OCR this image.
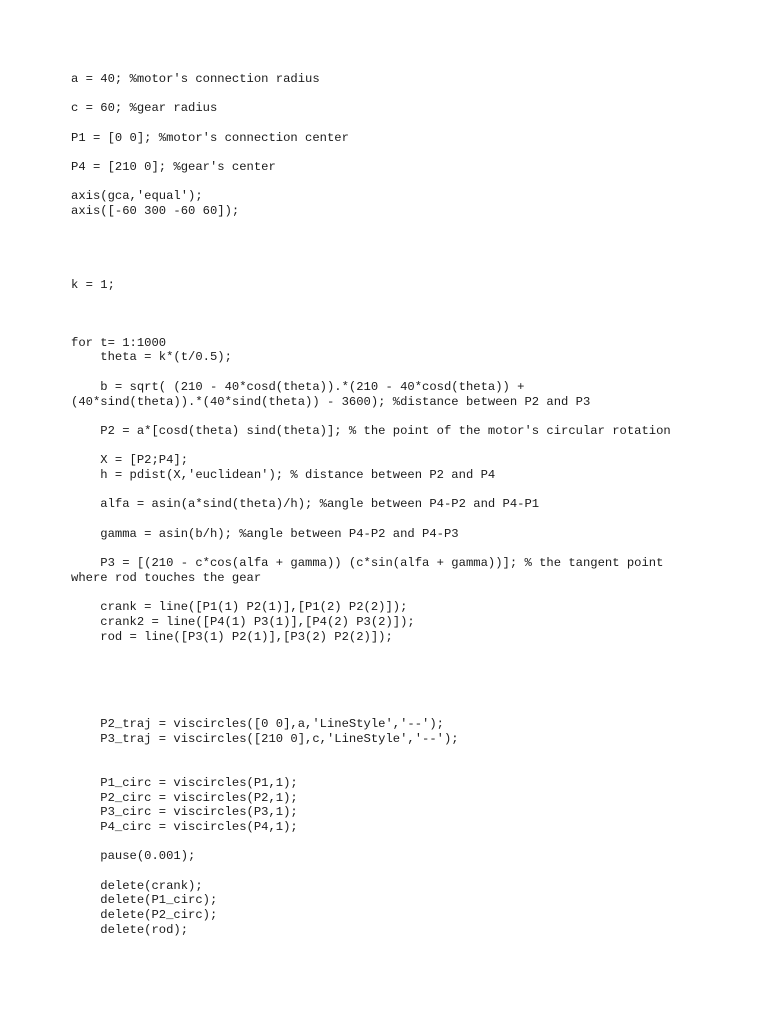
a = 40; %motor's connection radius
c = 60; %gear radius
P1 = [0 0]; %motor's connection center
P4 = [210 0]; %gear's center
axis(gca,'equal');
axis([-60 300 -60 60]);
k = 1;
for t= 1:1000
theta = k*(t/0.5);
b = sqrt( (210 - 40*cosd(theta)).*(210 - 40*cosd(theta)) +
(40*sind(theta)).*(40*sind(theta)) - 3600); %distance between P2 and P3
P2 = a*[cosd(theta) sind(theta)]; % the point of the motor's circular rotation
X = [P2;P4];
h = pdist(X,'euclidean'); % distance between P2 and P4
alfa = asin(a*sind(theta)/h); %angle between P4-P2 and P4-P1
gamma = asin(b/h); %angle between P4-P2 and P4-P3
P3 = [(210 - c*cos(alfa + gamma)) (c*sin(alfa + gamma))]; % the tangent point
where rod touches the gear
crank = line([P1(1) P2(1)],[P1(2) P2(2)]);
crank2 = line([P4(1) P3(1)],[P4(2) P3(2)]);
rod = line([P3(1) P2(1)],[P3(2) P2(2)]);
P2_traj = viscircles([0 0],a,'LineStyle','--');
P3_traj = viscircles([210 0],c,'LineStyle','--');
P1_circ = viscircles(P1,1);
P2_circ = viscircles(P2,1);
P3_circ = viscircles(P3,1);
P4_circ = viscircles(P4,1);
pause(0.001);
delete(crank);
delete(P1_circ);
delete(P2_circ);
delete(rod);
